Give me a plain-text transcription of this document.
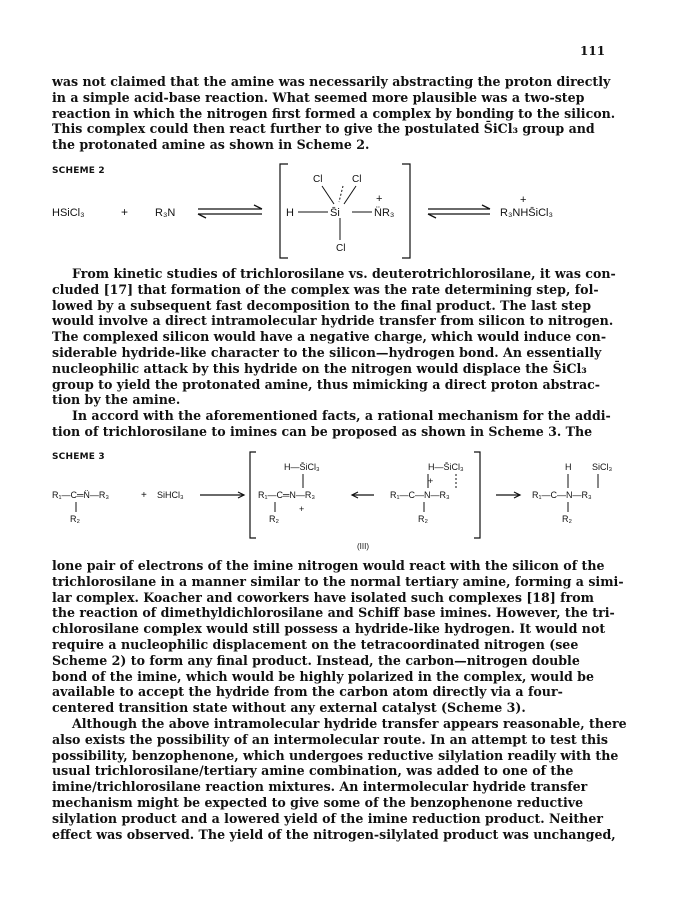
111
was not claimed that the amine was necessarily abstracting the proton directly
in a simple acid-base reaction. What seemed more plausible was a two-step
reaction in which the nitrogen first formed a complex by bonding to the silicon.
This complex could then react further to give the postulated S̄iCl₃ group and
the protonated amine as shown in Scheme 2.
SCHEME 2
HSiCl₃	+ R₃N
Cl	Cl
H	S̄i
+
N̈R₃
Cl
+
R₃NHS̄iCl₃
From kinetic studies of trichlorosilane vs. deuterotrichlorosilane, it was con-
cluded [17] that formation of the complex was the rate determining step, fol-
lowed by a subsequent fast decomposition to the final product. The last step
would involve a direct intramolecular hydride transfer from silicon to nitrogen.
The complexed silicon would have a negative charge, which would induce con-
siderable hydride-like character to the silicon—hydrogen bond. An essentially
nucleophilic attack by this hydride on the nitrogen would displace the S̄iCl₃
group to yield the protonated amine, thus mimicking a direct proton abstrac-
tion by the amine.
In accord with the aforementioned facts, a rational mechanism for the addi-
tion of trichlorosilane to imines can be proposed as shown in Scheme 3. The
SCHEME 3
R₁—C═N̈—R₃
R₂
+ SiHCl₃
H—S̄iCl₃
R₁—C═N—R₃
+
R₂
H—S̄iCl₃
+
R₁—C—N—R₃
R₂
H SiCl₃
R₁—C—N—R₃
R₂
(III)
lone pair of electrons of the imine nitrogen would react with the silicon of the
trichlorosilane in a manner similar to the normal tertiary amine, forming a simi-
lar complex. Koacher and coworkers have isolated such complexes [18] from
the reaction of dimethyldichlorosilane and Schiff base imines. However, the tri-
chlorosilane complex would still possess a hydride-like hydrogen. It would not
require a nucleophilic displacement on the tetracoordinated nitrogen (see
Scheme 2) to form any final product. Instead, the carbon—nitrogen double
bond of the imine, which would be highly polarized in the complex, would be
available to accept the hydride from the carbon atom directly via a four-
centered transition state without any external catalyst (Scheme 3).
Although the above intramolecular hydride transfer appears reasonable, there
also exists the possibility of an intermolecular route. In an attempt to test this
possibility, benzophenone, which undergoes reductive silylation readily with the
usual trichlorosilane/tertiary amine combination, was added to one of the
imine/trichlorosilane reaction mixtures. An intermolecular hydride transfer
mechanism might be expected to give some of the benzophenone reductive
silylation product and a lowered yield of the imine reduction product. Neither
effect was observed. The yield of the nitrogen-silylated product was unchanged,
